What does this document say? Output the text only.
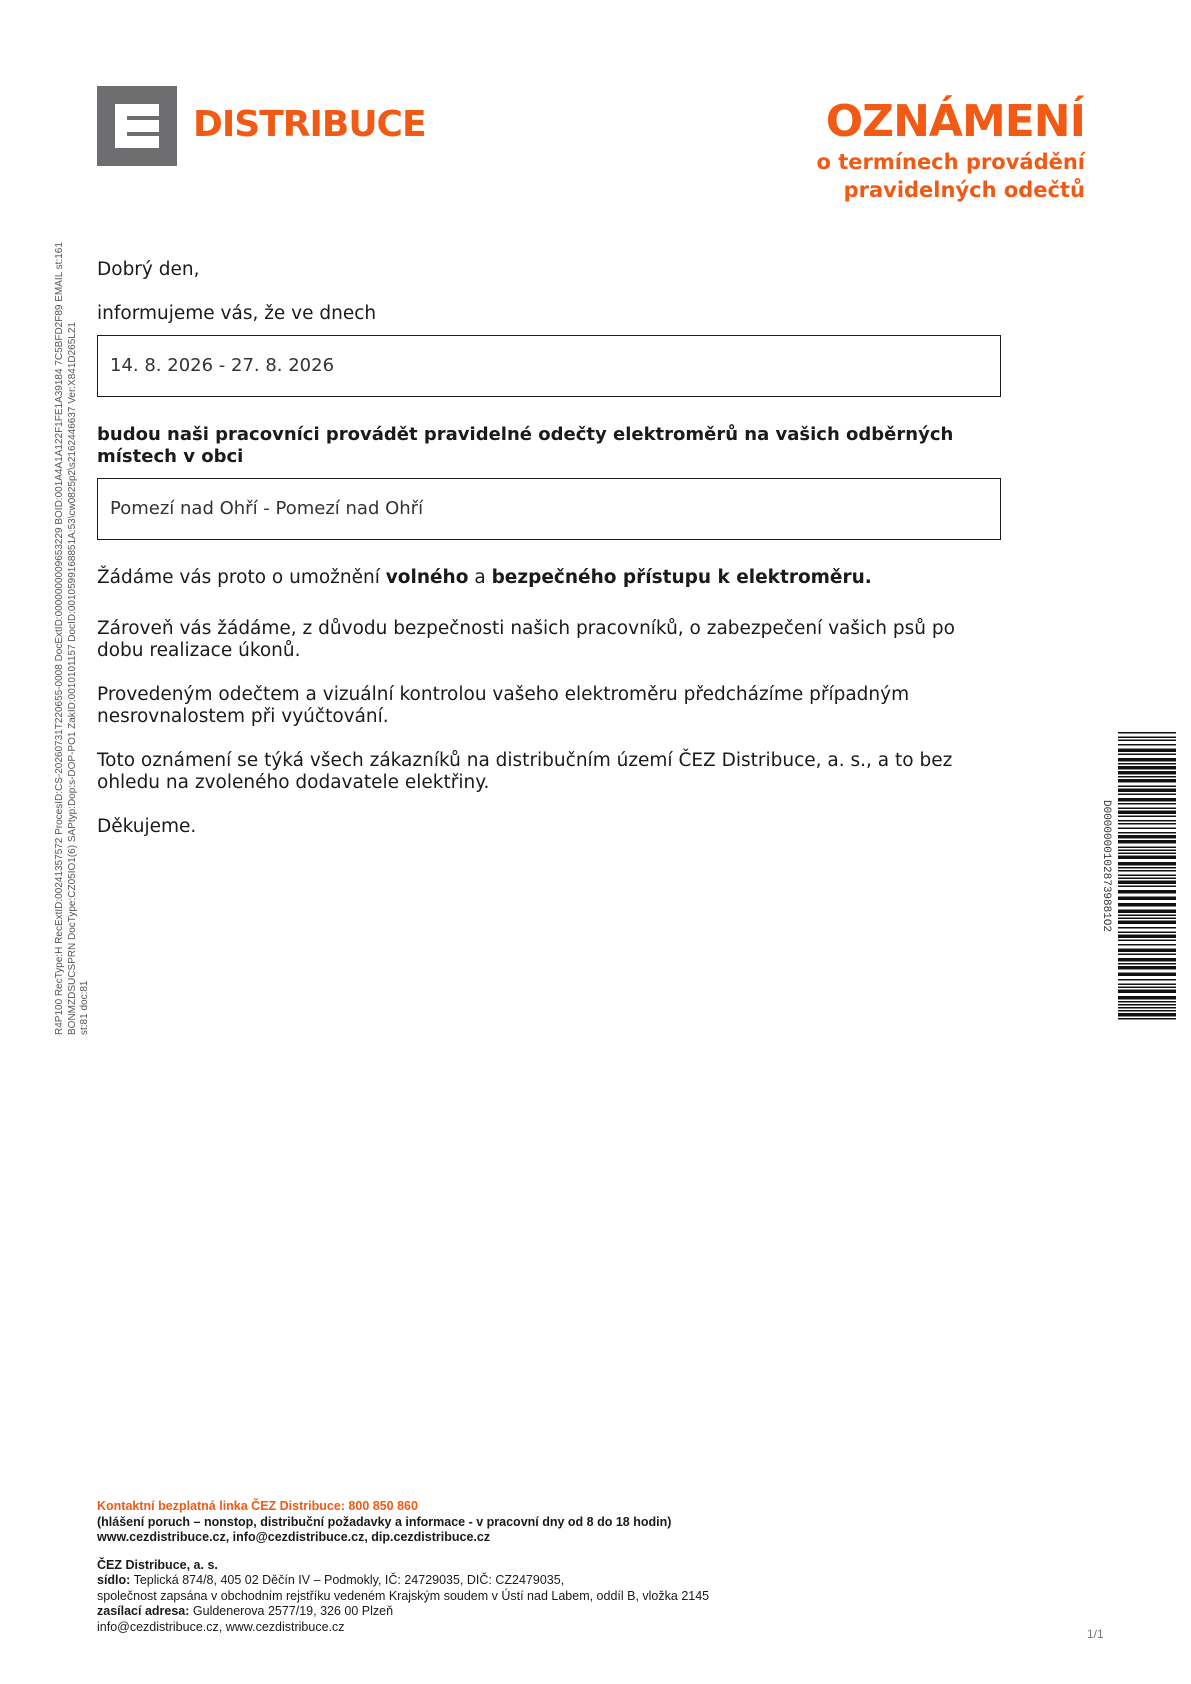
DISTRIBUCE	OZNÁMENÍ
o termínech provádění
pravidelných odečtů
R4P100 RecType:H RecExtID:00241357572 ProcesID:CS-20260731T220655-0008 DocExtID:0000000009653229 BOID:001A4A1A122F1FE1A39184 7C5BFD2F89 EMAIL st:161 BONMZDSUCSPRN DocType:CZ05IO1(6) SAPtyp:Dop:s-DOP-PO1 ZakID:0010101157 DocID:0010599168851A:53\cw0825p2\s2162446637 Ver:X841D265L21 st:81 doc:81
Dobrý den,
informujeme vás, že ve dnech
14. 8. 2026 - 27. 8. 2026
budou naši pracovníci provádět pravidelné odečty elektroměrů na vašich odběrných místech v obci
Pomezí nad Ohří - Pomezí nad Ohří
Žádáme vás proto o umožnění volného a bezpečného přístupu k elektroměru.
Zároveň vás žádáme, z důvodu bezpečnosti našich pracovníků, o zabezpečení vašich psů po dobu realizace úkonů.
Provedeným odečtem a vizuální kontrolou vašeho elektroměru předcházíme případným nesrovnalostem při vyúčtování.
Toto oznámení se týká všech zákazníků na distribučním území ČEZ Distribuce, a. s., a to bez ohledu na zvoleného dodavatele elektřiny.
Děkujeme.	D00000001028739881O2
Kontaktní bezplatná linka ČEZ Distribuce: 800 850 860
(hlášení poruch – nonstop, distribuční požadavky a informace - v pracovní dny od 8 do 18 hodin)
www.cezdistribuce.cz, info@cezdistribuce.cz, dip.cezdistribuce.cz
ČEZ Distribuce, a. s.
sídlo: Teplická 874/8, 405 02 Děčín IV – Podmokly, IČ: 24729035, DIČ: CZ2479035,
společnost zapsána v obchodním rejstříku vedeném Krajským soudem v Ústí nad Labem, oddíl B, vložka 2145
zasílací adresa: Guldenerova 2577/19, 326 00 Plzeň
info@cezdistribuce.cz, www.cezdistribuce.cz
1/1
